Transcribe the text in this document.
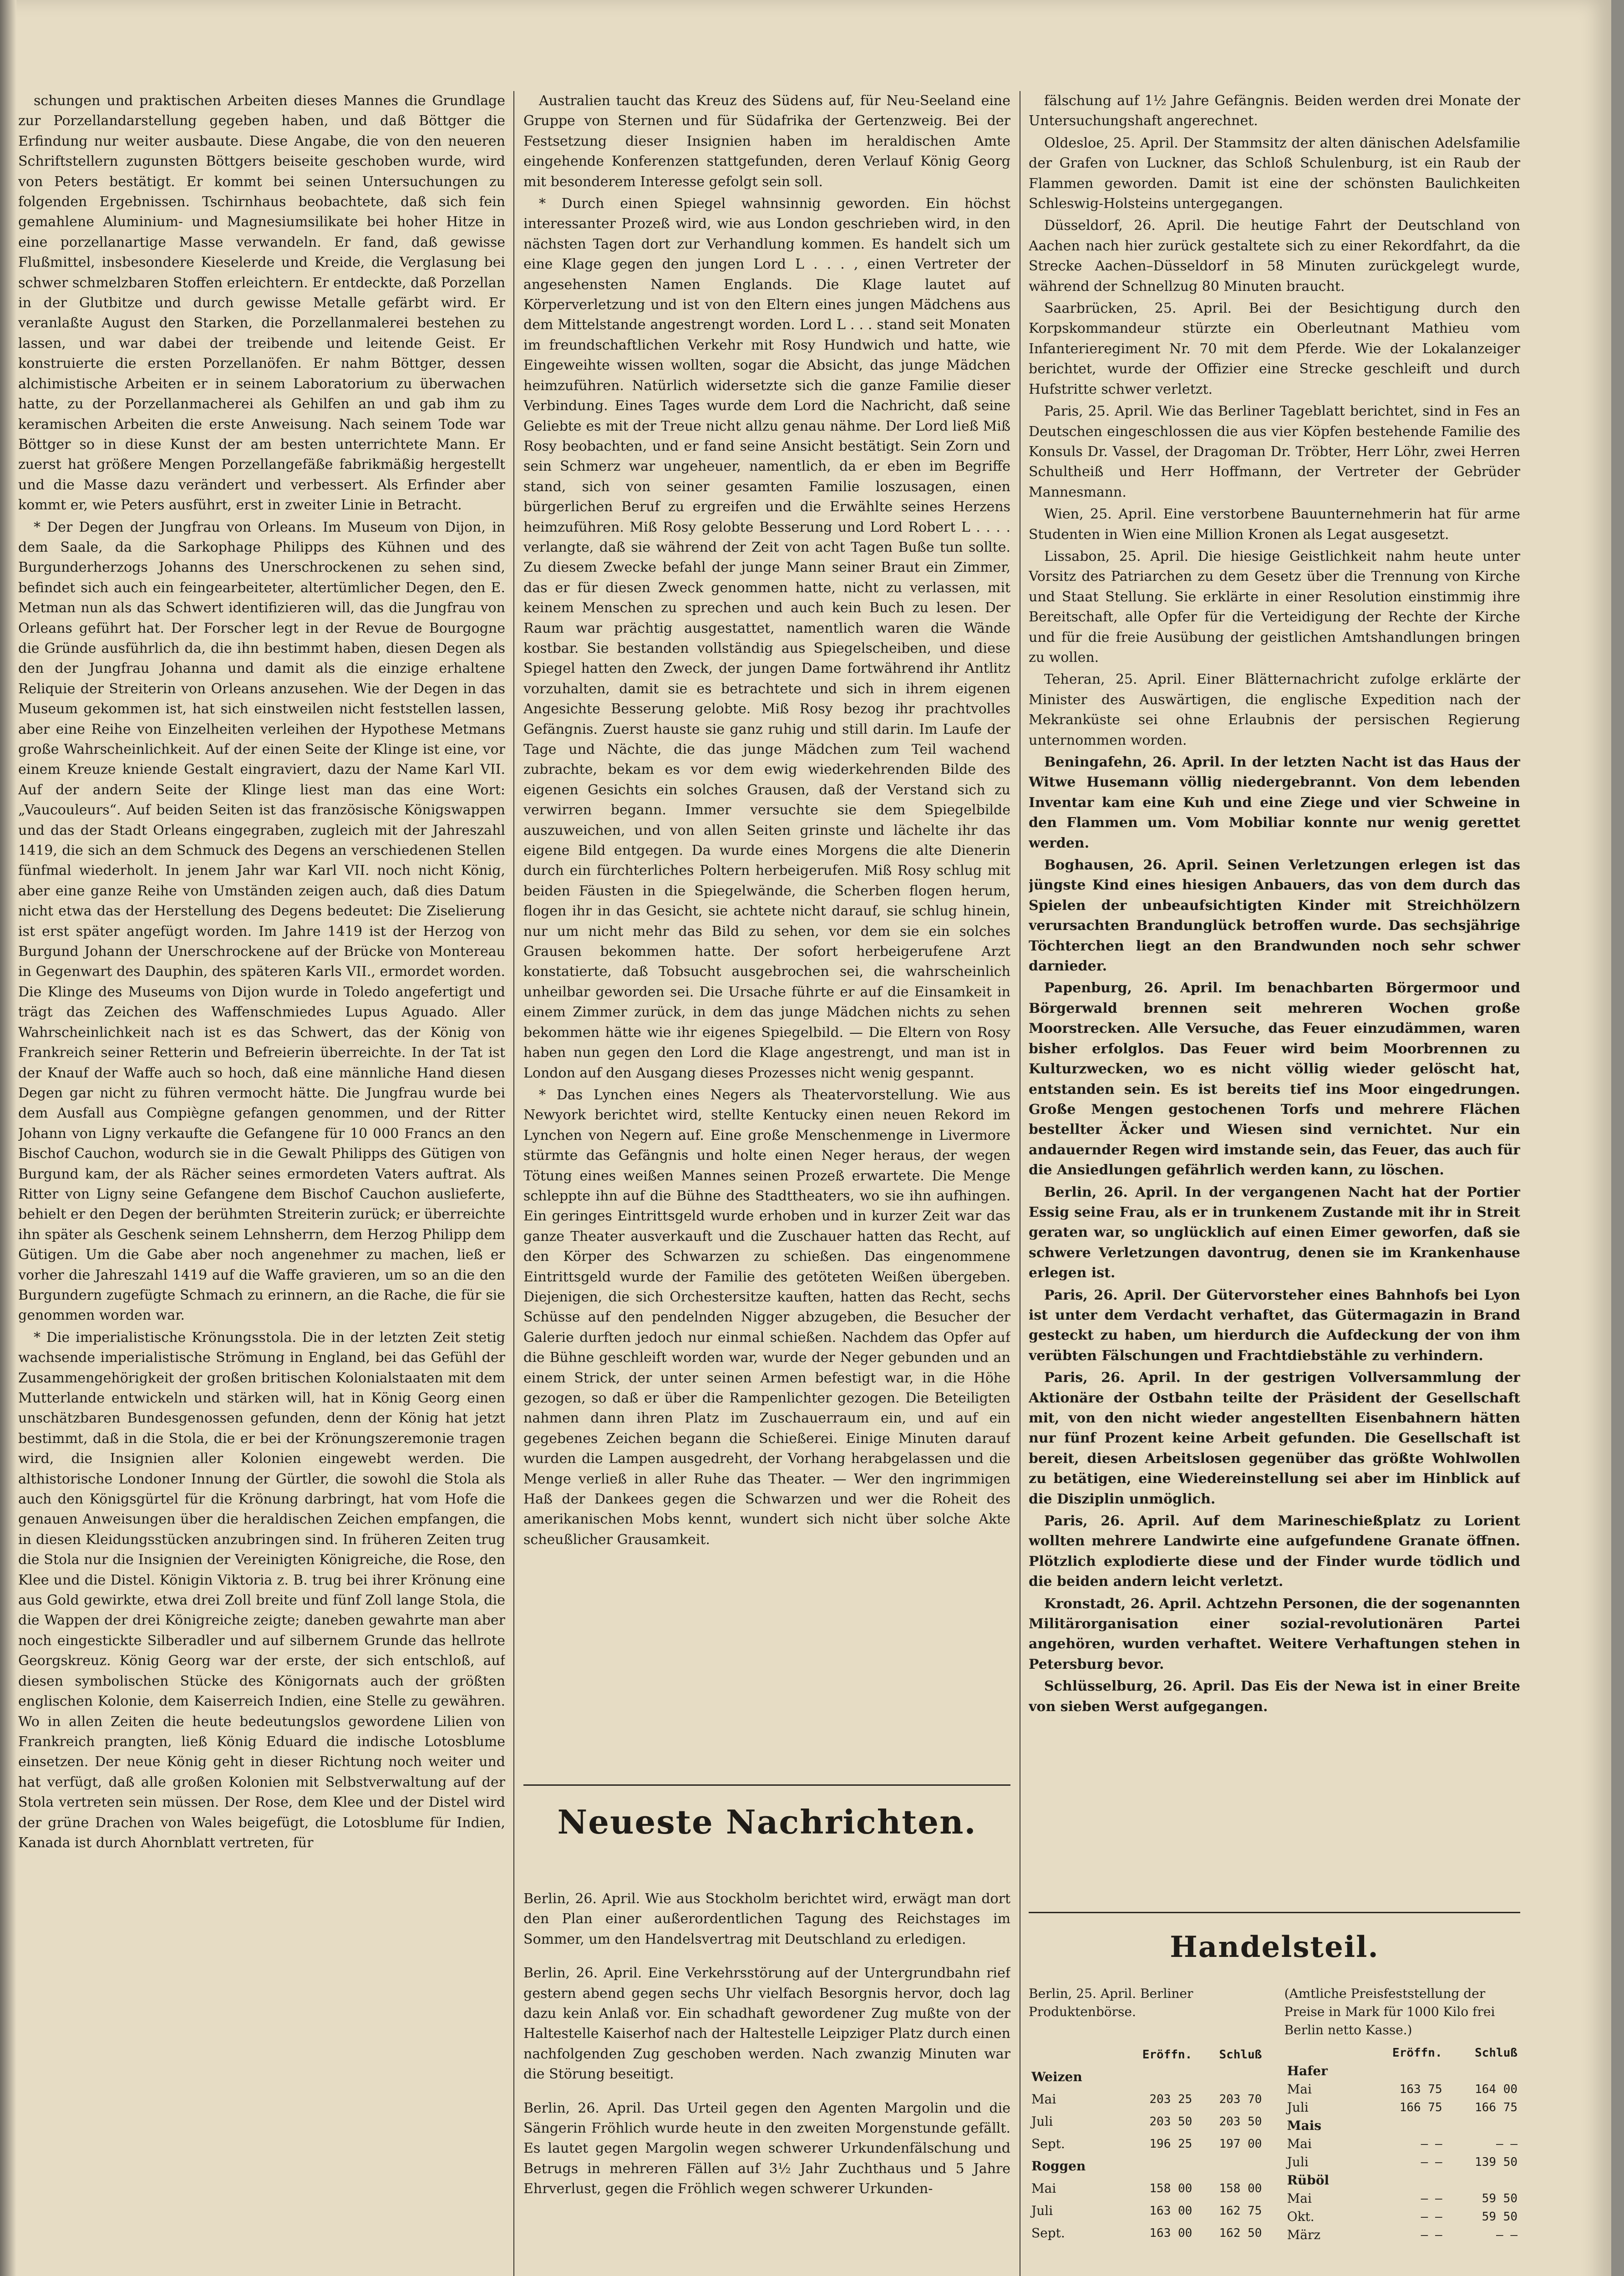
schungen und praktischen Arbeiten dieses Mannes die Grundlage zur Porzellandarstellung gegeben haben, und daß Böttger die Erfindung nur weiter ausbaute. Diese Angabe, die von den neueren Schriftstellern zugunsten Böttgers beiseite geschoben wurde, wird von Peters bestätigt. Er kommt bei seinen Untersuchungen zu folgenden Ergebnissen. Tschirnhaus beobachtete, daß sich fein gemahlene Aluminium- und Magnesiumsilikate bei hoher Hitze in eine porzellanartige Masse verwandeln. Er fand, daß gewisse Flußmittel, insbesondere Kieselerde und Kreide, die Verglasung bei schwer schmelzbaren Stoffen erleichtern. Er entdeckte, daß Porzellan in der Glutbitze und durch gewisse Metalle gefärbt wird. Er veranlaßte August den Starken, die Porzellanmalerei bestehen zu lassen, und war dabei der treibende und leitende Geist. Er konstruierte die ersten Porzellanöfen. Er nahm Böttger, dessen alchimistische Arbeiten er in seinem Laboratorium zu überwachen hatte, zu der Porzellanmacherei als Gehilfen an und gab ihm zu keramischen Arbeiten die erste Anweisung. Nach seinem Tode war Böttger so in diese Kunst der am besten unterrichtete Mann. Er zuerst hat größere Mengen Porzellangefäße fabrikmäßig hergestellt und die Masse dazu verändert und verbessert. Als Erfinder aber kommt er, wie Peters ausführt, erst in zweiter Linie in Betracht.

* Der Degen der Jungfrau von Orleans. Im Museum von Dijon, in dem Saale, da die Sarkophage Philipps des Kühnen und des Burgunderherzogs Johanns des Unerschrockenen zu sehen sind, befindet sich auch ein feingearbeiteter, altertümlicher Degen, den E. Metman nun als das Schwert identifizieren will, das die Jungfrau von Orleans geführt hat. Der Forscher legt in der Revue de Bourgogne die Gründe ausführlich da, die ihn bestimmt haben, diesen Degen als den der Jungfrau Johanna und damit als die einzige erhaltene Reliquie der Streiterin von Orleans anzusehen. Wie der Degen in das Museum gekommen ist, hat sich einstweilen nicht feststellen lassen, aber eine Reihe von Einzelheiten verleihen der Hypothese Metmans große Wahrscheinlichkeit. Auf der einen Seite der Klinge ist eine, vor einem Kreuze kniende Gestalt eingraviert, dazu der Name Karl VII. Auf der andern Seite der Klinge liest man das eine Wort: „Vaucouleurs“. Auf beiden Seiten ist das französische Königswappen und das der Stadt Orleans eingegraben, zugleich mit der Jahreszahl 1419, die sich an dem Schmuck des Degens an verschiedenen Stellen fünfmal wiederholt. In jenem Jahr war Karl VII. noch nicht König, aber eine ganze Reihe von Umständen zeigen auch, daß dies Datum nicht etwa das der Herstellung des Degens bedeutet: Die Ziselierung ist erst später angefügt worden. Im Jahre 1419 ist der Herzog von Burgund Johann der Unerschrockene auf der Brücke von Montereau in Gegenwart des Dauphin, des späteren Karls VII., ermordet worden. Die Klinge des Museums von Dijon wurde in Toledo angefertigt und trägt das Zeichen des Waffenschmiedes Lupus Aguado. Aller Wahrscheinlichkeit nach ist es das Schwert, das der König von Frankreich seiner Retterin und Befreierin überreichte. In der Tat ist der Knauf der Waffe auch so hoch, daß eine männliche Hand diesen Degen gar nicht zu führen vermocht hätte. Die Jungfrau wurde bei dem Ausfall aus Compiègne gefangen genommen, und der Ritter Johann von Ligny verkaufte die Gefangene für 10 000 Francs an den Bischof Cauchon, wodurch sie in die Gewalt Philipps des Gütigen von Burgund kam, der als Rächer seines ermordeten Vaters auftrat. Als Ritter von Ligny seine Gefangene dem Bischof Cauchon auslieferte, behielt er den Degen der berühmten Streiterin zurück; er überreichte ihn später als Geschenk seinem Lehnsherrn, dem Herzog Philipp dem Gütigen. Um die Gabe aber noch angenehmer zu machen, ließ er vorher die Jahreszahl 1419 auf die Waffe gravieren, um so an die den Burgundern zugefügte Schmach zu erinnern, an die Rache, die für sie genommen worden war.

* Die imperialistische Krönungsstola. Die in der letzten Zeit stetig wachsende imperialistische Strömung in England, bei das Gefühl der Zusammengehörigkeit der großen britischen Kolonialstaaten mit dem Mutterlande entwickeln und stärken will, hat in König Georg einen unschätzbaren Bundesgenossen gefunden, denn der König hat jetzt bestimmt, daß in die Stola, die er bei der Krönungszeremonie tragen wird, die Insignien aller Kolonien eingewebt werden. Die althistorische Londoner Innung der Gürtler, die sowohl die Stola als auch den Königsgürtel für die Krönung darbringt, hat vom Hofe die genauen Anweisungen über die heraldischen Zeichen empfangen, die in diesen Kleidungsstücken anzubringen sind. In früheren Zeiten trug die Stola nur die Insignien der Vereinigten Königreiche, die Rose, den Klee und die Distel. Königin Viktoria z. B. trug bei ihrer Krönung eine aus Gold gewirkte, etwa drei Zoll breite und fünf Zoll lange Stola, die die Wappen der drei Königreiche zeigte; daneben gewahrte man aber noch eingestickte Silberadler und auf silbernem Grunde das hellrote Georgskreuz. König Georg war der erste, der sich entschloß, auf diesen symbolischen Stücke des Königornats auch der größten englischen Kolonie, dem Kaiserreich Indien, eine Stelle zu gewähren. Wo in allen Zeiten die heute bedeutungslos gewordene Lilien von Frankreich prangten, ließ König Eduard die indische Lotosblume einsetzen. Der neue König geht in dieser Richtung noch weiter und hat verfügt, daß alle großen Kolonien mit Selbstverwaltung auf der Stola vertreten sein müssen. Der Rose, dem Klee und der Distel wird der grüne Drachen von Wales beigefügt, die Lotosblume für Indien, Kanada ist durch Ahornblatt vertreten, für

Australien taucht das Kreuz des Südens auf, für Neu-Seeland eine Gruppe von Sternen und für Südafrika der Gertenzweig. Bei der Festsetzung dieser Insignien haben im heraldischen Amte eingehende Konferenzen stattgefunden, deren Verlauf König Georg mit besonderem Interesse gefolgt sein soll.

* Durch einen Spiegel wahnsinnig geworden. Ein höchst interessanter Prozeß wird, wie aus London geschrieben wird, in den nächsten Tagen dort zur Verhandlung kommen. Es handelt sich um eine Klage gegen den jungen Lord L . . . , einen Vertreter der angesehensten Namen Englands. Die Klage lautet auf Körperverletzung und ist von den Eltern eines jungen Mädchens aus dem Mittelstande angestrengt worden. Lord L . . . stand seit Monaten im freundschaftlichen Verkehr mit Rosy Hundwich und hatte, wie Eingeweihte wissen wollten, sogar die Absicht, das junge Mädchen heimzuführen. Natürlich widersetzte sich die ganze Familie dieser Verbindung. Eines Tages wurde dem Lord die Nachricht, daß seine Geliebte es mit der Treue nicht allzu genau nähme. Der Lord ließ Miß Rosy beobachten, und er fand seine Ansicht bestätigt. Sein Zorn und sein Schmerz war ungeheuer, namentlich, da er eben im Begriffe stand, sich von seiner gesamten Familie loszusagen, einen bürgerlichen Beruf zu ergreifen und die Erwählte seines Herzens heimzuführen. Miß Rosy gelobte Besserung und Lord Robert L . . . . verlangte, daß sie während der Zeit von acht Tagen Buße tun sollte. Zu diesem Zwecke befahl der junge Mann seiner Braut ein Zimmer, das er für diesen Zweck genommen hatte, nicht zu verlassen, mit keinem Menschen zu sprechen und auch kein Buch zu lesen. Der Raum war prächtig ausgestattet, namentlich waren die Wände kostbar. Sie bestanden vollständig aus Spiegelscheiben, und diese Spiegel hatten den Zweck, der jungen Dame fortwährend ihr Antlitz vorzuhalten, damit sie es betrachtete und sich in ihrem eigenen Angesichte Besserung gelobte. Miß Rosy bezog ihr prachtvolles Gefängnis. Zuerst hauste sie ganz ruhig und still darin. Im Laufe der Tage und Nächte, die das junge Mädchen zum Teil wachend zubrachte, bekam es vor dem ewig wiederkehrenden Bilde des eigenen Gesichts ein solches Grausen, daß der Verstand sich zu verwirren begann. Immer versuchte sie dem Spiegelbilde auszuweichen, und von allen Seiten grinste und lächelte ihr das eigene Bild entgegen. Da wurde eines Morgens die alte Dienerin durch ein fürchterliches Poltern herbeigerufen. Miß Rosy schlug mit beiden Fäusten in die Spiegelwände, die Scherben flogen herum, flogen ihr in das Gesicht, sie achtete nicht darauf, sie schlug hinein, nur um nicht mehr das Bild zu sehen, vor dem sie ein solches Grausen bekommen hatte. Der sofort herbeigerufene Arzt konstatierte, daß Tobsucht ausgebrochen sei, die wahrscheinlich unheilbar geworden sei. Die Ursache führte er auf die Einsamkeit in einem Zimmer zurück, in dem das junge Mädchen nichts zu sehen bekommen hätte wie ihr eigenes Spiegelbild. — Die Eltern von Rosy haben nun gegen den Lord die Klage angestrengt, und man ist in London auf den Ausgang dieses Prozesses nicht wenig gespannt.

* Das Lynchen eines Negers als Theatervorstellung. Wie aus Newyork berichtet wird, stellte Kentucky einen neuen Rekord im Lynchen von Negern auf. Eine große Menschenmenge in Livermore stürmte das Gefängnis und holte einen Neger heraus, der wegen Tötung eines weißen Mannes seinen Prozeß erwartete. Die Menge schleppte ihn auf die Bühne des Stadttheaters, wo sie ihn aufhingen. Ein geringes Eintrittsgeld wurde erhoben und in kurzer Zeit war das ganze Theater ausverkauft und die Zuschauer hatten das Recht, auf den Körper des Schwarzen zu schießen. Das eingenommene Eintrittsgeld wurde der Familie des getöteten Weißen übergeben. Diejenigen, die sich Orchestersitze kauften, hatten das Recht, sechs Schüsse auf den pendelnden Nigger abzugeben, die Besucher der Galerie durften jedoch nur einmal schießen. Nachdem das Opfer auf die Bühne geschleift worden war, wurde der Neger gebunden und an einem Strick, der unter seinen Armen befestigt war, in die Höhe gezogen, so daß er über die Rampenlichter gezogen. Die Beteiligten nahmen dann ihren Platz im Zuschauerraum ein, und auf ein gegebenes Zeichen begann die Schießerei. Einige Minuten darauf wurden die Lampen ausgedreht, der Vorhang herabgelassen und die Menge verließ in aller Ruhe das Theater. — Wer den ingrimmigen Haß der Dankees gegen die Schwarzen und wer die Roheit des amerikanischen Mobs kennt, wundert sich nicht über solche Akte scheußlicher Grausamkeit.

Neueste Nachrichten.

Berlin, 26. April. Wie aus Stockholm berichtet wird, erwägt man dort den Plan einer außerordentlichen Tagung des Reichstages im Sommer, um den Handelsvertrag mit Deutschland zu erledigen.

Berlin, 26. April. Eine Verkehrsstörung auf der Untergrundbahn rief gestern abend gegen sechs Uhr vielfach Besorgnis hervor, doch lag dazu kein Anlaß vor. Ein schadhaft gewordener Zug mußte von der Haltestelle Kaiserhof nach der Haltestelle Leipziger Platz durch einen nachfolgenden Zug geschoben werden. Nach zwanzig Minuten war die Störung beseitigt.

Berlin, 26. April. Das Urteil gegen den Agenten Margolin und die Sängerin Fröhlich wurde heute in den zweiten Morgenstunde gefällt. Es lautet gegen Margolin wegen schwerer Urkundenfälschung und Betrugs in mehreren Fällen auf 3½ Jahr Zuchthaus und 5 Jahre Ehrverlust, gegen die Fröhlich wegen schwerer Urkunden-

fälschung auf 1½ Jahre Gefängnis. Beiden werden drei Monate der Untersuchungshaft angerechnet.

Oldesloe, 25. April. Der Stammsitz der alten dänischen Adelsfamilie der Grafen von Luckner, das Schloß Schulenburg, ist ein Raub der Flammen geworden. Damit ist eine der schönsten Baulichkeiten Schleswig-Holsteins untergegangen.

Düsseldorf, 26. April. Die heutige Fahrt der Deutschland von Aachen nach hier zurück gestaltete sich zu einer Rekordfahrt, da die Strecke Aachen–Düsseldorf in 58 Minuten zurückgelegt wurde, während der Schnellzug 80 Minuten braucht.

Saarbrücken, 25. April. Bei der Besichtigung durch den Korpskommandeur stürzte ein Oberleutnant Mathieu vom Infanterieregiment Nr. 70 mit dem Pferde. Wie der Lokalanzeiger berichtet, wurde der Offizier eine Strecke geschleift und durch Hufstritte schwer verletzt.

Paris, 25. April. Wie das Berliner Tageblatt berichtet, sind in Fes an Deutschen eingeschlossen die aus vier Köpfen bestehende Familie des Konsuls Dr. Vassel, der Dragoman Dr. Tröbter, Herr Löhr, zwei Herren Schultheiß und Herr Hoffmann, der Vertreter der Gebrüder Mannesmann.

Wien, 25. April. Eine verstorbene Bauunternehmerin hat für arme Studenten in Wien eine Million Kronen als Legat ausgesetzt.

Lissabon, 25. April. Die hiesige Geistlichkeit nahm heute unter Vorsitz des Patriarchen zu dem Gesetz über die Trennung von Kirche und Staat Stellung. Sie erklärte in einer Resolution einstimmig ihre Bereitschaft, alle Opfer für die Verteidigung der Rechte der Kirche und für die freie Ausübung der geistlichen Amtshandlungen bringen zu wollen.

Teheran, 25. April. Einer Blätternachricht zufolge erklärte der Minister des Auswärtigen, die englische Expedition nach der Mekranküste sei ohne Erlaubnis der persischen Regierung unternommen worden.

Beningafehn, 26. April. In der letzten Nacht ist das Haus der Witwe Husemann völlig niedergebrannt. Von dem lebenden Inventar kam eine Kuh und eine Ziege und vier Schweine in den Flammen um. Vom Mobiliar konnte nur wenig gerettet werden.

Boghausen, 26. April. Seinen Verletzungen erlegen ist das jüngste Kind eines hiesigen Anbauers, das von dem durch das Spielen der unbeaufsichtigten Kinder mit Streichhölzern verursachten Brandunglück betroffen wurde. Das sechsjährige Töchterchen liegt an den Brandwunden noch sehr schwer darnieder.

Papenburg, 26. April. Im benachbarten Börgermoor und Börgerwald brennen seit mehreren Wochen große Moorstrecken. Alle Versuche, das Feuer einzudämmen, waren bisher erfolglos. Das Feuer wird beim Moorbrennen zu Kulturzwecken, wo es nicht völlig wieder gelöscht hat, entstanden sein. Es ist bereits tief ins Moor eingedrungen. Große Mengen gestochenen Torfs und mehrere Flächen bestellter Äcker und Wiesen sind vernichtet. Nur ein andauernder Regen wird imstande sein, das Feuer, das auch für die Ansiedlungen gefährlich werden kann, zu löschen.

Berlin, 26. April. In der vergangenen Nacht hat der Portier Essig seine Frau, als er in trunkenem Zustande mit ihr in Streit geraten war, so unglücklich auf einen Eimer geworfen, daß sie schwere Verletzungen davontrug, denen sie im Krankenhause erlegen ist.

Paris, 26. April. Der Gütervorsteher eines Bahnhofs bei Lyon ist unter dem Verdacht verhaftet, das Gütermagazin in Brand gesteckt zu haben, um hierdurch die Aufdeckung der von ihm verübten Fälschungen und Frachtdiebstähle zu verhindern.

Paris, 26. April. In der gestrigen Vollversammlung der Aktionäre der Ostbahn teilte der Präsident der Gesellschaft mit, von den nicht wieder angestellten Eisenbahnern hätten nur fünf Prozent keine Arbeit gefunden. Die Gesellschaft ist bereit, diesen Arbeitslosen gegenüber das größte Wohlwollen zu betätigen, eine Wiedereinstellung sei aber im Hinblick auf die Disziplin unmöglich.

Paris, 26. April. Auf dem Marineschießplatz zu Lorient wollten mehrere Landwirte eine aufgefundene Granate öffnen. Plötzlich explodierte diese und der Finder wurde tödlich und die beiden andern leicht verletzt.

Kronstadt, 26. April. Achtzehn Personen, die der sogenannten Militärorganisation einer sozial-revolutionären Partei angehören, wurden verhaftet. Weitere Verhaftungen stehen in Petersburg bevor.

Schlüsselburg, 26. April. Das Eis der Newa ist in einer Breite von sieben Werst aufgegangen.

Handelsteil.
Berlin, 25. April. Berliner Produktenbörse.
(Amtliche Preisfeststellung der Preise in Mark für 1000 Kilo frei Berlin netto Kasse.)
	Eröffn.	Schluß
Weizen		
Mai	203 25	203 70
Juli	203 50	203 50
Sept.	196 25	197 00

Roggen		
Mai	158 00	158 00
Juli	163 00	162 75
Sept.	163 00	162 50
	Eröffn.	Schluß
Hafer		
Mai	163 75	164 00
Juli	166 75	166 75
Mais		
Mai	— —	— —
Juli	— —	139 50
Rüböl		
Mai	— —	59 50
Okt.	— —	59 50
März	— —	— —
